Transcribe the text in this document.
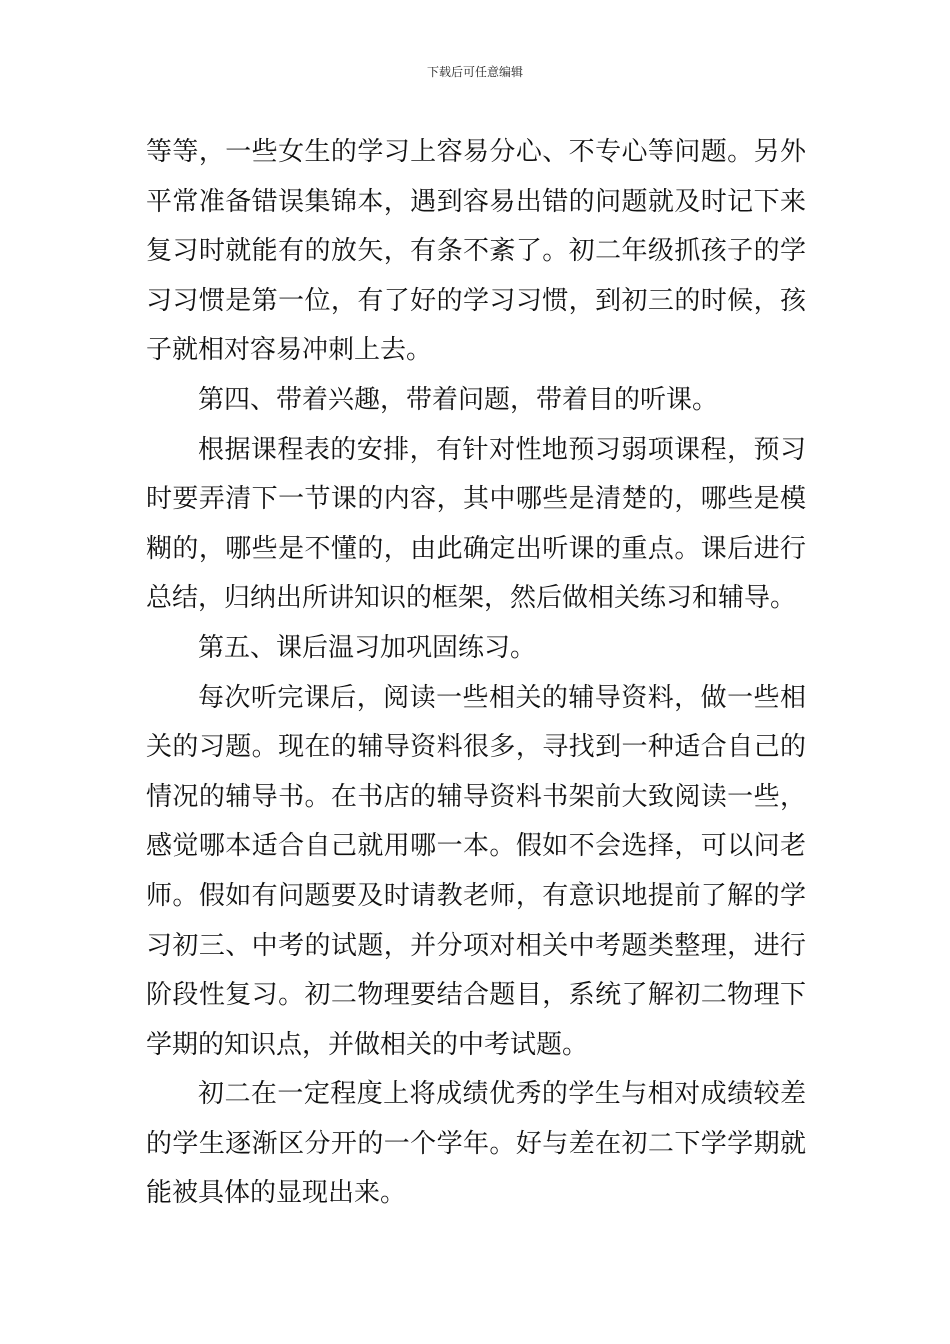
下载后可任意编辑

等等，一些女生的学习上容易分心、不专心等问题。另外平常准备错误集锦本，遇到容易出错的问题就及时记下来复习时就能有的放矢，有条不紊了。初二年级抓孩子的学习习惯是第一位，有了好的学习习惯，到初三的时候，孩子就相对容易冲刺上去。

第四、带着兴趣，带着问题，带着目的听课。

根据课程表的安排，有针对性地预习弱项课程，预习时要弄清下一节课的内容，其中哪些是清楚的，哪些是模糊的，哪些是不懂的，由此确定出听课的重点。课后进行总结，归纳出所讲知识的框架，然后做相关练习和辅导。

第五、课后温习加巩固练习。

每次听完课后，阅读一些相关的辅导资料，做一些相关的习题。现在的辅导资料很多，寻找到一种适合自己的情况的辅导书。在书店的辅导资料书架前大致阅读一些，感觉哪本适合自己就用哪一本。假如不会选择，可以问老师。假如有问题要及时请教老师，有意识地提前了解的学习初三、中考的试题，并分项对相关中考题类整理，进行阶段性复习。初二物理要结合题目，系统了解初二物理下学期的知识点，并做相关的中考试题。

初二在一定程度上将成绩优秀的学生与相对成绩较差的学生逐渐区分开的一个学年。好与差在初二下学学期就能被具体的显现出来。
